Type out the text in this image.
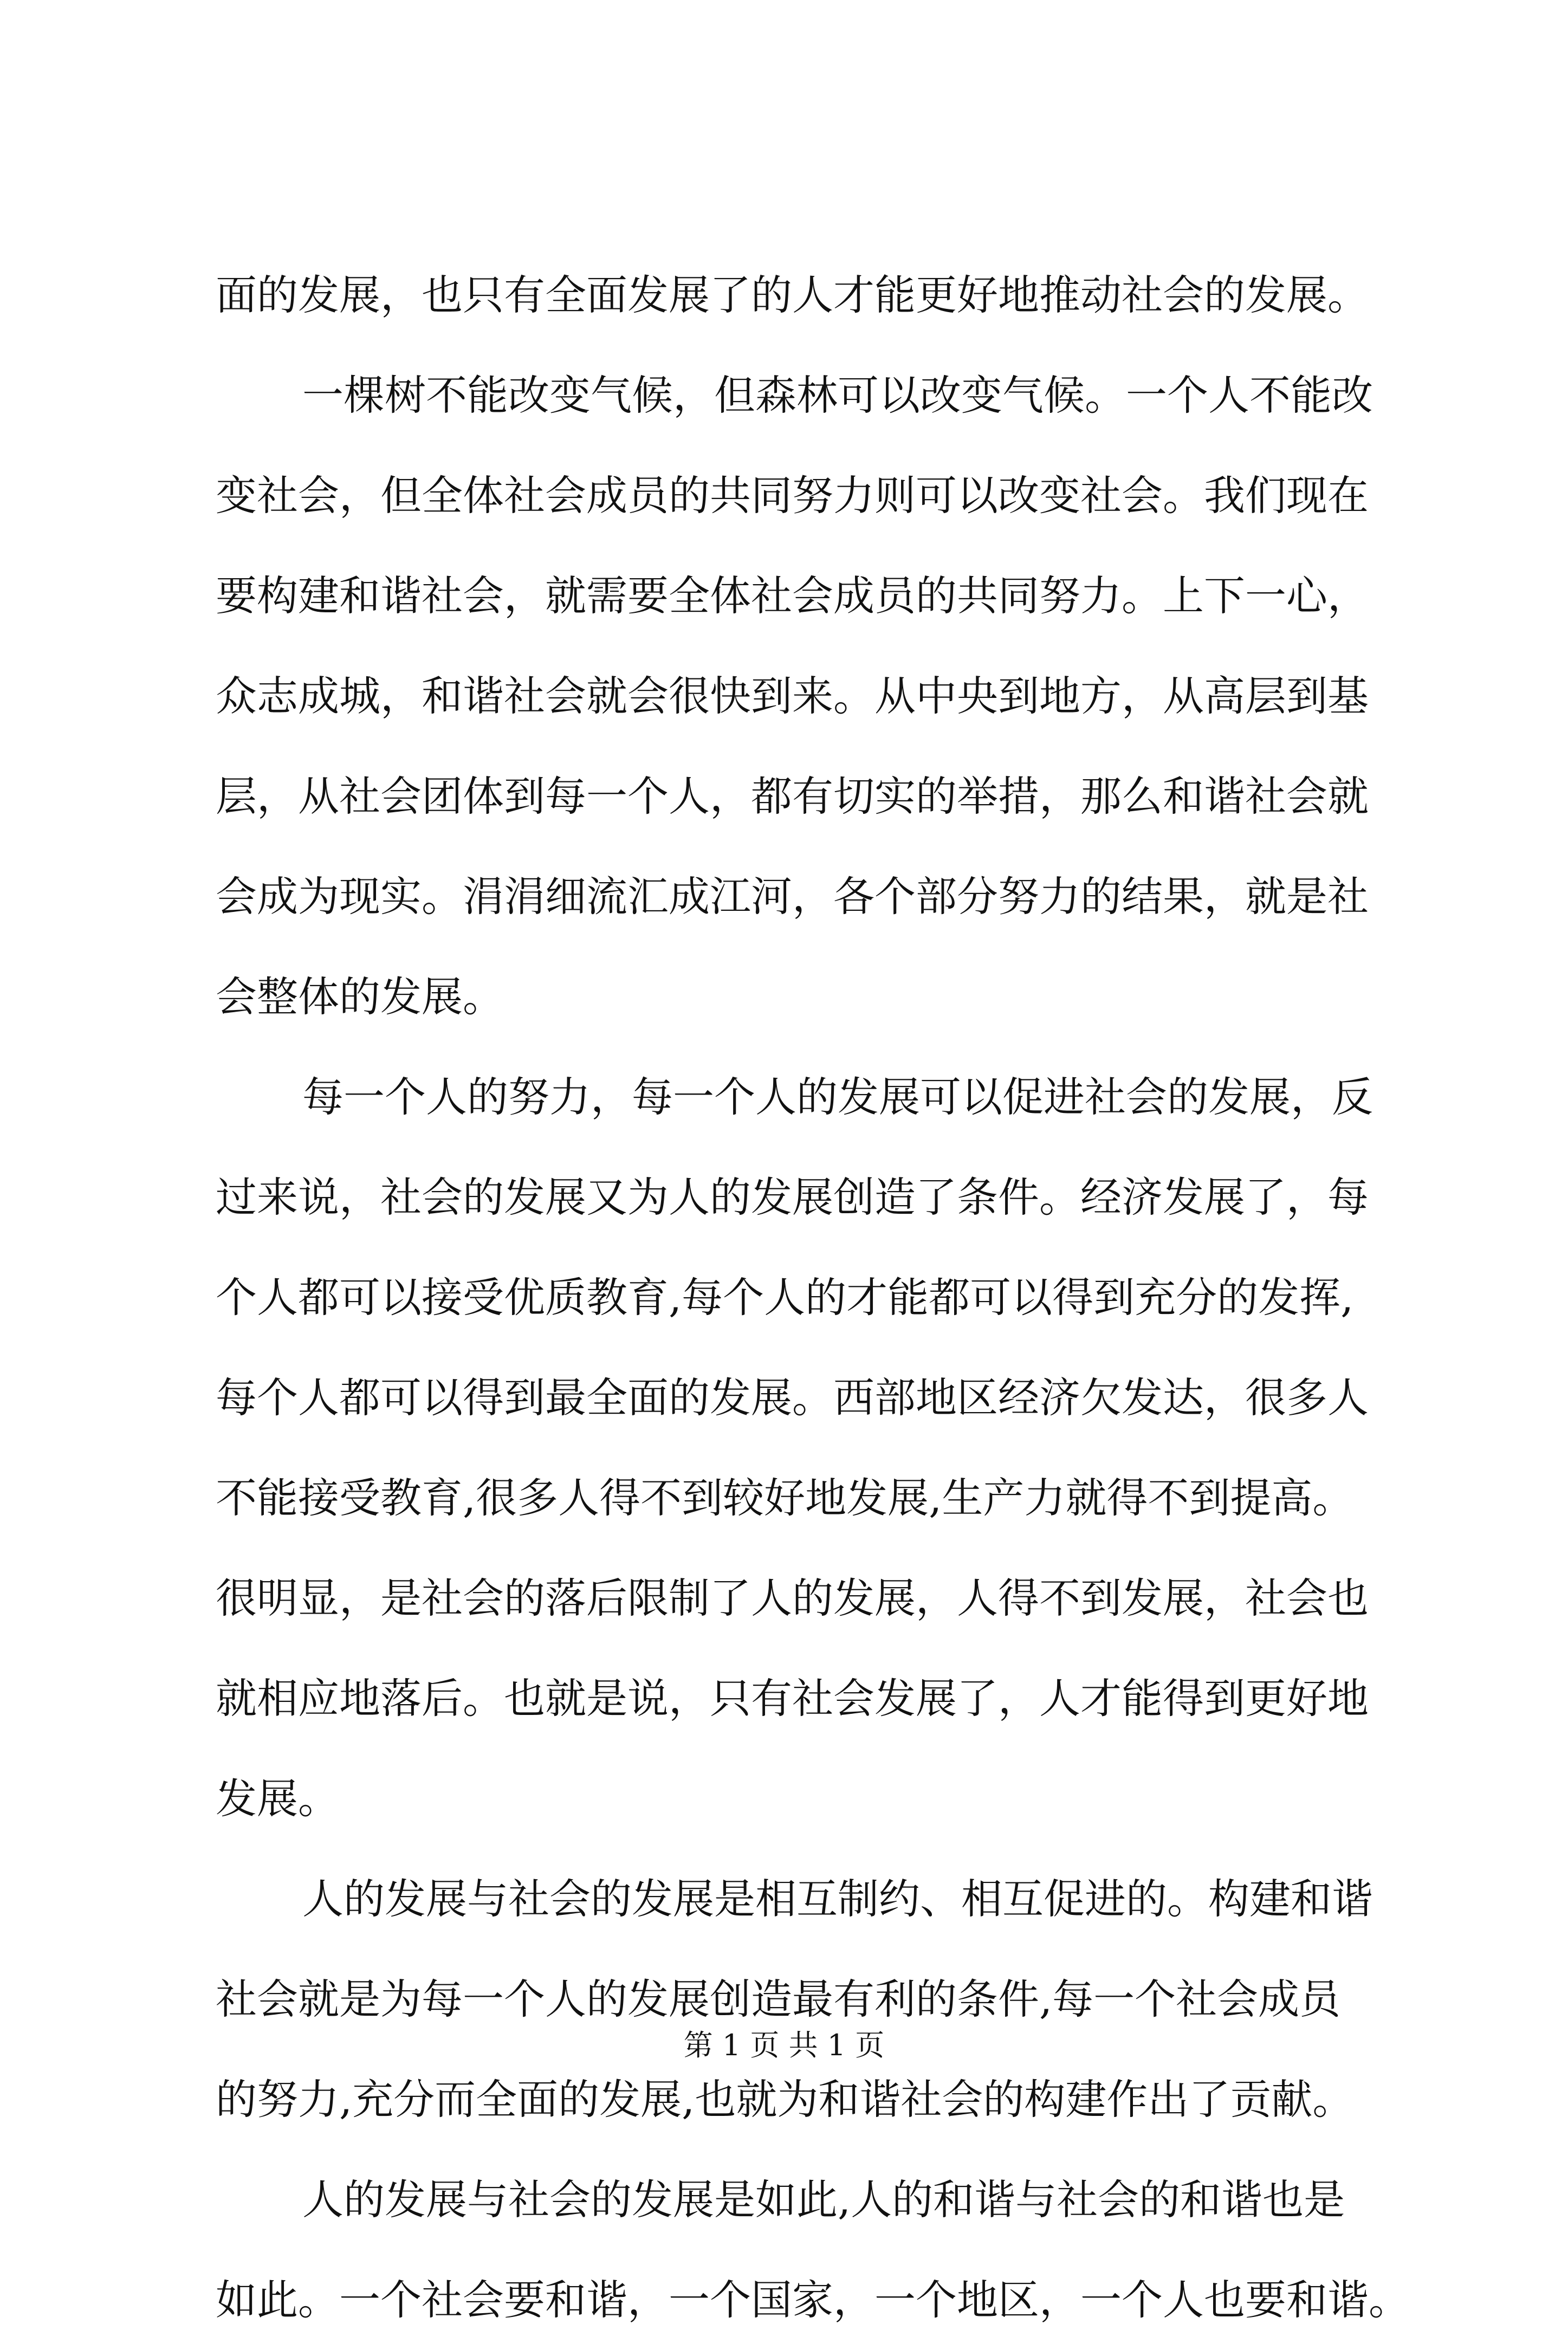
面的发展，也只有全面发展了的人才能更好地推动社会的发展。
一棵树不能改变气候，但森林可以改变气候。一个人不能改
变社会，但全体社会成员的共同努力则可以改变社会。我们现在
要构建和谐社会，就需要全体社会成员的共同努力。上下一心，
众志成城，和谐社会就会很快到来。从中央到地方，从高层到基
层，从社会团体到每一个人，都有切实的举措，那么和谐社会就
会成为现实。涓涓细流汇成江河，各个部分努力的结果，就是社
会整体的发展。
每一个人的努力，每一个人的发展可以促进社会的发展，反
过来说，社会的发展又为人的发展创造了条件。经济发展了，每
个人都可以接受优质教育,每个人的才能都可以得到充分的发挥,
每个人都可以得到最全面的发展。西部地区经济欠发达，很多人
不能接受教育,很多人得不到较好地发展,生产力就得不到提高。
很明显，是社会的落后限制了人的发展，人得不到发展，社会也
就相应地落后。也就是说，只有社会发展了，人才能得到更好地
发展。
人的发展与社会的发展是相互制约、相互促进的。构建和谐
社会就是为每一个人的发展创造最有利的条件,每一个社会成员
的努力,充分而全面的发展,也就为和谐社会的构建作出了贡献。
人的发展与社会的发展是如此,人的和谐与社会的和谐也是
如此。一个社会要和谐，一个国家，一个地区，一个人也要和谐。
第 1 页 共 1 页
